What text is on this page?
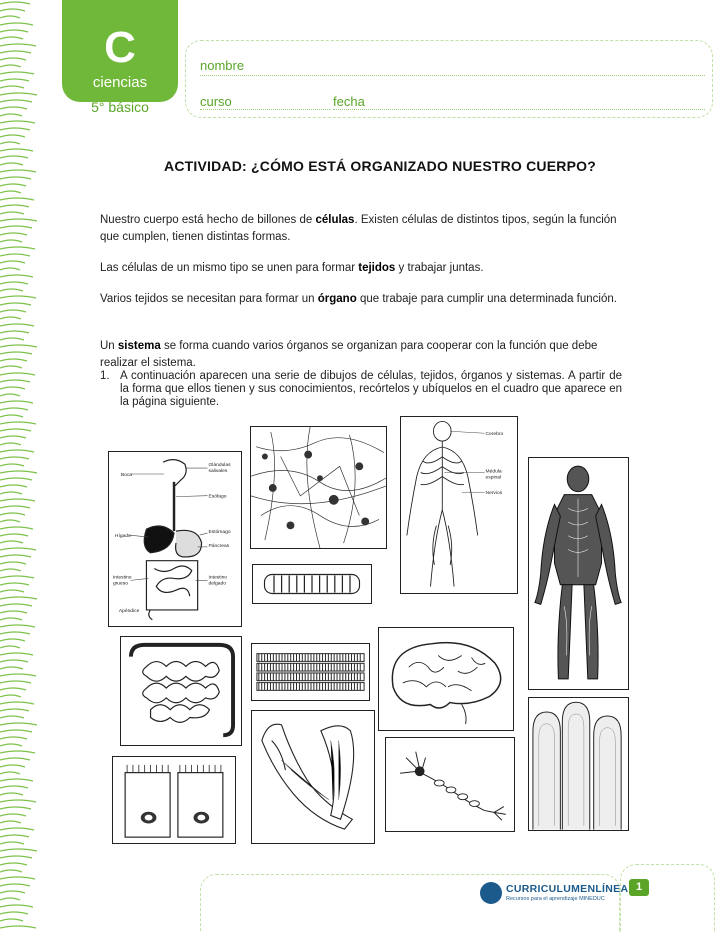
C
ciencias
5° básico
nombre
curso	fecha
ACTIVIDAD: ¿CÓMO ESTÁ ORGANIZADO NUESTRO CUERPO?
Nuestro cuerpo está hecho de billones de células. Existen células de distintos tipos, según la función que cumplen, tienen distintas formas.
Las células de un mismo tipo se unen para formar tejidos y trabajar juntas.
Varios tejidos se necesitan para formar un órgano que trabaje para cumplir una determinada función.
Un sistema se forma cuando varios órganos se organizan para cooperar con la función que debe realizar el sistema.
1. A continuación aparecen una serie de dibujos de células, tejidos, órganos y sistemas. A partir de la forma que ellos tienen y sus conocimientos, recórtelos y ubíquelos en el cuadro que aparece en la página siguiente.
Boca
Glándulas
salivales
Esófago
Hígado
Estómago
Páncreas
Intestino
grueso
Intestino
delgado
Apéndice
Cerebro
Médula
espinal
Nervios
CURRICULUMENLÍNEA
Recursos para el aprendizaje MINEDUC
1
